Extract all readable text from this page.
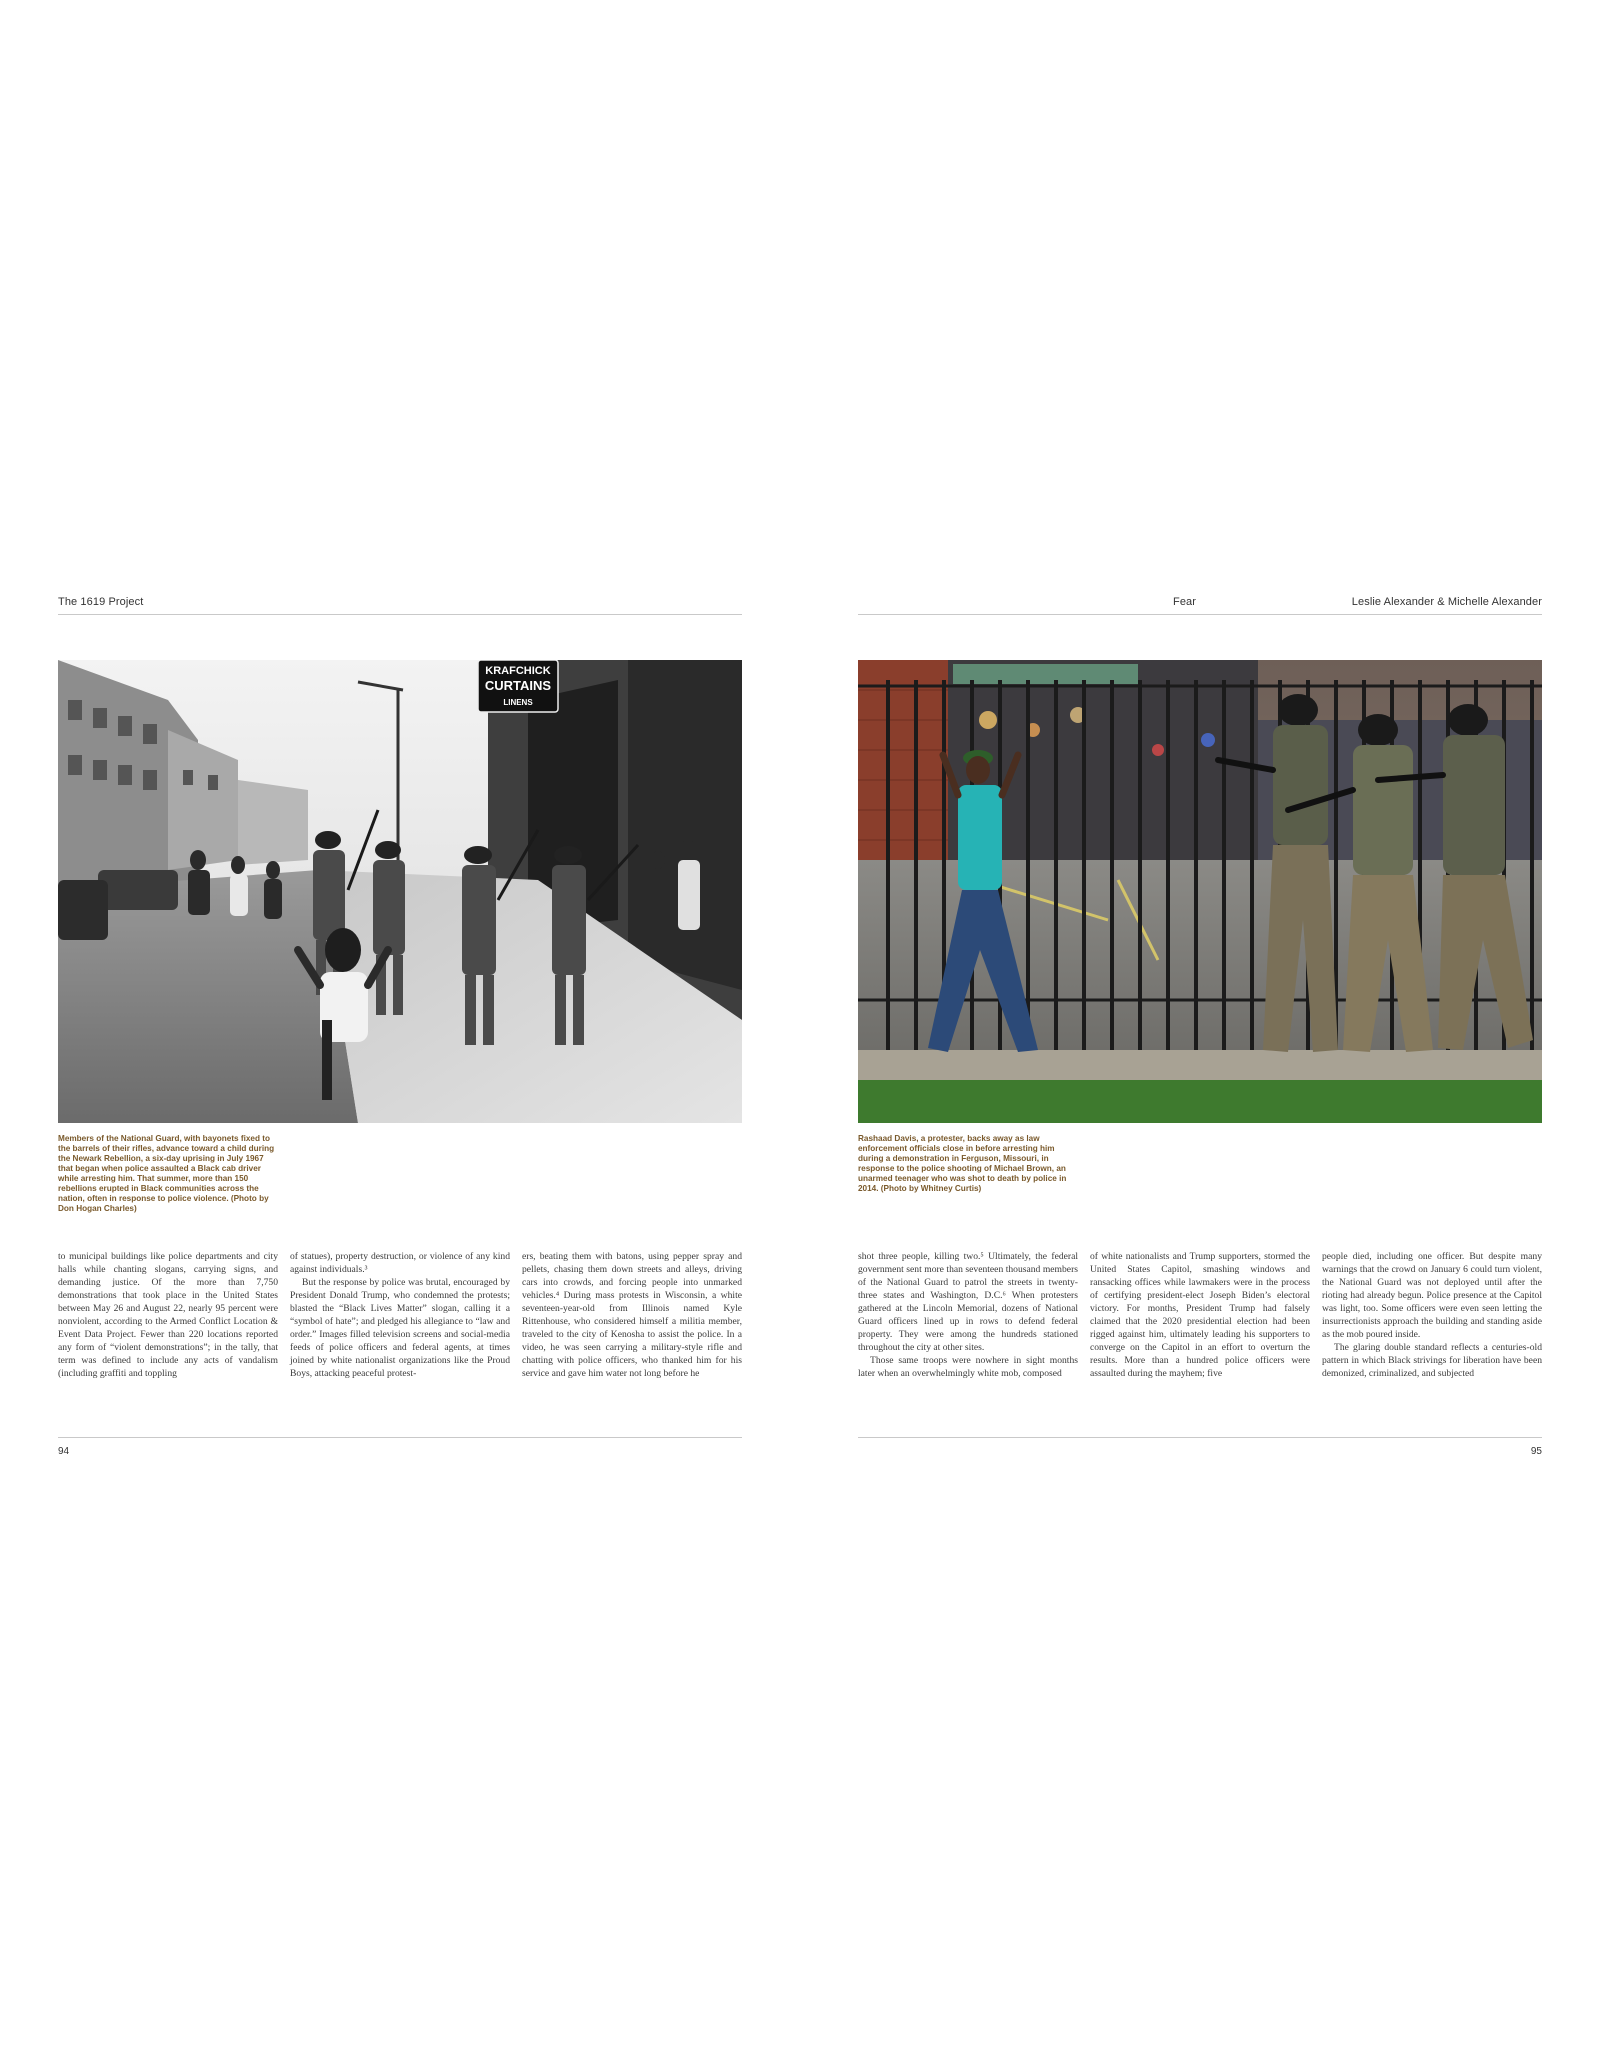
The 1619 Project
KRAFCHICK
CURTAINS
LINENS
Members of the National Guard, with bayonets fixed to the barrels of their rifles, advance toward a child during the Newark Rebellion, a six-day uprising in July 1967 that began when police assaulted a Black cab driver while arresting him. That summer, more than 150 rebellions erupted in Black communities across the nation, often in response to police violence. (Photo by Don Hogan Charles)

to municipal buildings like police departments and city halls while chanting slogans, carrying signs, and demanding justice. Of the more than 7,750 demonstrations that took place in the United States between May 26 and August 22, nearly 95 percent were nonviolent, according to the Armed Conflict Location & Event Data Project. Fewer than 220 locations reported any form of “violent demonstrations”; in the tally, that term was defined to include any acts of vandalism (including graffiti and toppling

of statues), property destruction, or violence of any kind against individuals.³

But the response by police was brutal, encouraged by President Donald Trump, who condemned the protests; blasted the “Black Lives Matter” slogan, calling it a “symbol of hate”; and pledged his allegiance to “law and order.” Images filled television screens and social-media feeds of police officers and federal agents, at times joined by white nationalist organizations like the Proud Boys, attacking peaceful protest-

ers, beating them with batons, using pepper spray and pellets, chasing them down streets and alleys, driving cars into crowds, and forcing people into unmarked vehicles.⁴ During mass protests in Wisconsin, a white seventeen-year-old from Illinois named Kyle Rittenhouse, who considered himself a militia member, traveled to the city of Kenosha to assist the police. In a video, he was seen carrying a military-style rifle and chatting with police officers, who thanked him for his service and gave him water not long before he

94
Fear	Leslie Alexander & Michelle Alexander
Rashaad Davis, a protester, backs away as law enforcement officials close in before arresting him during a demonstration in Ferguson, Missouri, in response to the police shooting of Michael Brown, an unarmed teenager who was shot to death by police in 2014. (Photo by Whitney Curtis)

shot three people, killing two.⁵ Ultimately, the federal government sent more than seventeen thousand members of the National Guard to patrol the streets in twenty-three states and Washington, D.C.⁶ When protesters gathered at the Lincoln Memorial, dozens of National Guard officers lined up in rows to defend federal property. They were among the hundreds stationed throughout the city at other sites.

Those same troops were nowhere in sight months later when an overwhelmingly white mob, composed

of white nationalists and Trump supporters, stormed the United States Capitol, smashing windows and ransacking offices while lawmakers were in the process of certifying president-elect Joseph Biden’s electoral victory. For months, President Trump had falsely claimed that the 2020 presidential election had been rigged against him, ultimately leading his supporters to converge on the Capitol in an effort to overturn the results. More than a hundred police officers were assaulted during the mayhem; five

people died, including one officer. But despite many warnings that the crowd on January 6 could turn violent, the National Guard was not deployed until after the rioting had already begun. Police presence at the Capitol was light, too. Some officers were even seen letting the insurrectionists approach the building and standing aside as the mob poured inside.

The glaring double standard reflects a centuries-old pattern in which Black strivings for liberation have been demonized, criminalized, and subjected

95
